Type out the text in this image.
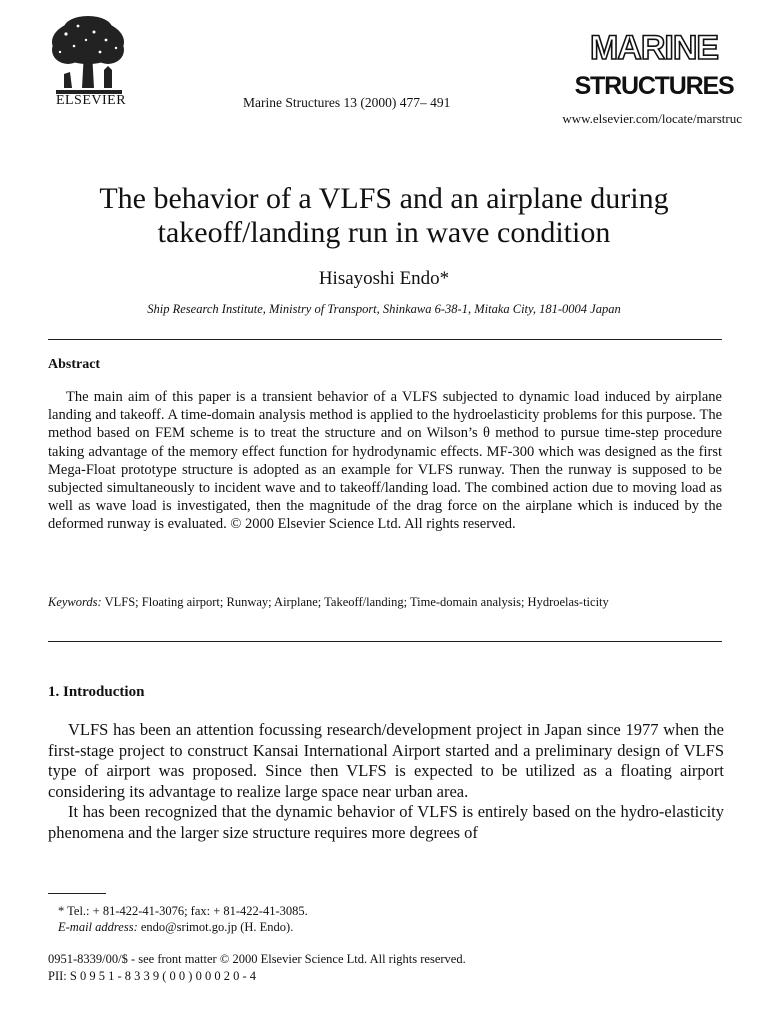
ELSEVIER	Marine Structures 13 (2000) 477– 491
MARINE
STRUCTURES
www.elsevier.com/locate/marstruc
The behavior of a VLFS and an airplane during takeoff/landing run in wave condition
Hisayoshi Endo*
Ship Research Institute, Ministry of Transport, Shinkawa 6-38-1, Mitaka City, 181-0004 Japan
Abstract

The main aim of this paper is a transient behavior of a VLFS subjected to dynamic load induced by airplane landing and takeoff. A time-domain analysis method is applied to the hydroelasticity problems for this purpose. The method based on FEM scheme is to treat the structure and on Wilson’s θ method to pursue time-step procedure taking advantage of the memory effect function for hydrodynamic effects. MF-300 which was designed as the first Mega-Float prototype structure is adopted as an example for VLFS runway. Then the runway is supposed to be subjected simultaneously to incident wave and to takeoff/landing load. The combined action due to moving load as well as wave load is investigated, then the magnitude of the drag force on the airplane which is induced by the deformed runway is evaluated. © 2000 Elsevier Science Ltd. All rights reserved.

Keywords: VLFS; Floating airport; Runway; Airplane; Takeoff/landing; Time-domain analysis; Hydroelas-ticity

1. Introduction

VLFS has been an attention focussing research/development project in Japan since 1977 when the first-stage project to construct Kansai International Airport started and a preliminary design of VLFS type of airport was proposed. Since then VLFS is expected to be utilized as a floating airport considering its advantage to realize large space near urban area.

It has been recognized that the dynamic behavior of VLFS is entirely based on the hydro-elasticity phenomena and the larger size structure requires more degrees of

* Tel.: + 81-422-41-3076; fax: + 81-422-41-3085.
E-mail address: endo@srimot.go.jp (H. Endo).
0951-8339/00/$ - see front matter © 2000 Elsevier Science Ltd. All rights reserved.
PII: S 0 9 5 1 - 8 3 3 9 ( 0 0 ) 0 0 0 2 0 - 4
